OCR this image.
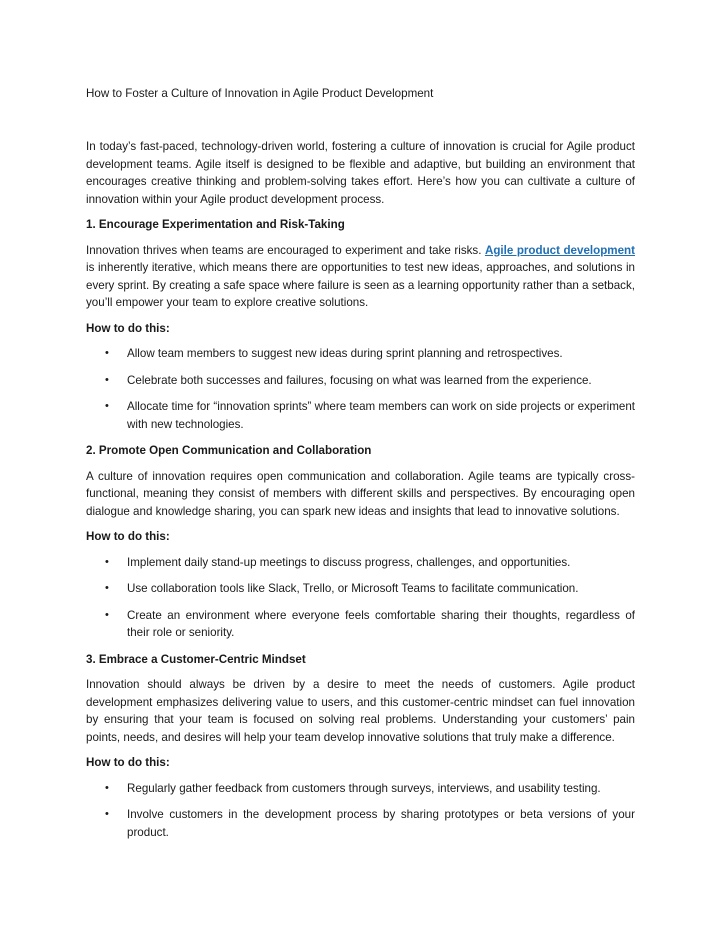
How to Foster a Culture of Innovation in Agile Product Development

In today’s fast-paced, technology-driven world, fostering a culture of innovation is crucial for Agile product development teams. Agile itself is designed to be flexible and adaptive, but building an environment that encourages creative thinking and problem-solving takes effort. Here’s how you can cultivate a culture of innovation within your Agile product development process.

1. Encourage Experimentation and Risk-Taking

Innovation thrives when teams are encouraged to experiment and take risks. Agile product development is inherently iterative, which means there are opportunities to test new ideas, approaches, and solutions in every sprint. By creating a safe space where failure is seen as a learning opportunity rather than a setback, you’ll empower your team to explore creative solutions.

How to do this:

• Allow team members to suggest new ideas during sprint planning and retrospectives.
• Celebrate both successes and failures, focusing on what was learned from the experience.
• Allocate time for “innovation sprints” where team members can work on side projects or experiment with new technologies.
2. Promote Open Communication and Collaboration

A culture of innovation requires open communication and collaboration. Agile teams are typically cross-functional, meaning they consist of members with different skills and perspectives. By encouraging open dialogue and knowledge sharing, you can spark new ideas and insights that lead to innovative solutions.

How to do this:

• Implement daily stand-up meetings to discuss progress, challenges, and opportunities.
• Use collaboration tools like Slack, Trello, or Microsoft Teams to facilitate communication.
• Create an environment where everyone feels comfortable sharing their thoughts, regardless of their role or seniority.
3. Embrace a Customer-Centric Mindset

Innovation should always be driven by a desire to meet the needs of customers. Agile product development emphasizes delivering value to users, and this customer-centric mindset can fuel innovation by ensuring that your team is focused on solving real problems. Understanding your customers’ pain points, needs, and desires will help your team develop innovative solutions that truly make a difference.

How to do this:

• Regularly gather feedback from customers through surveys, interviews, and usability testing.
• Involve customers in the development process by sharing prototypes or beta versions of your product.
